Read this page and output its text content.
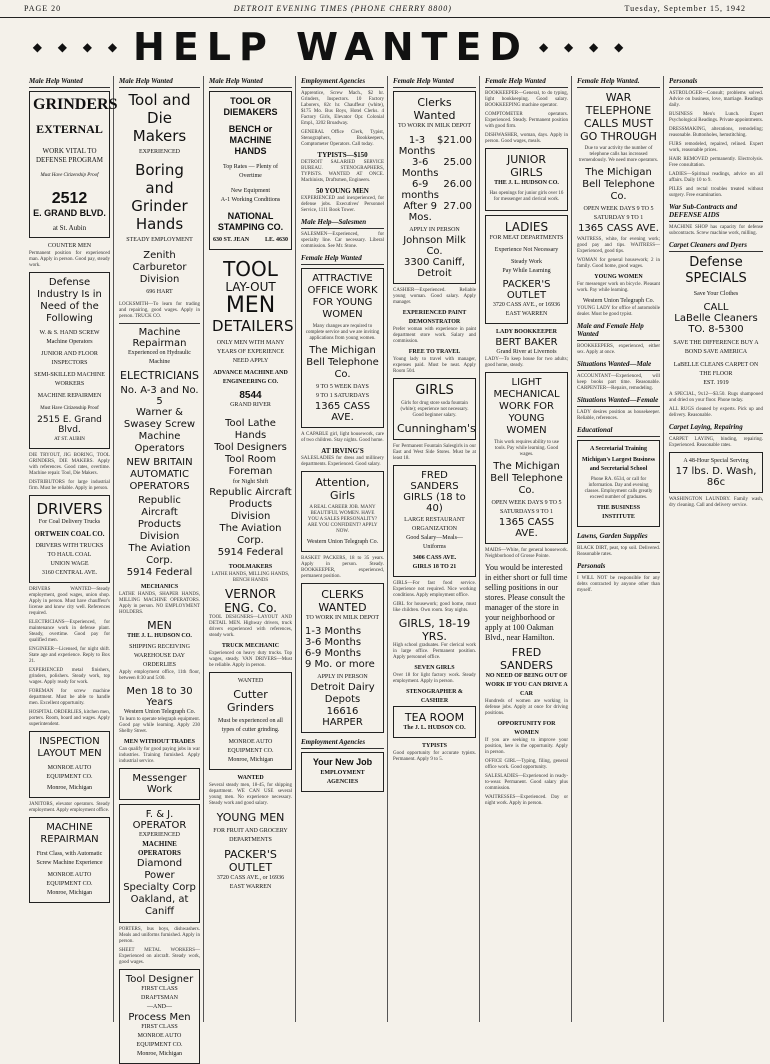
PAGE 20	DETROIT EVENING TIMES (PHONE CHERRY 8800)	Tuesday, September 15, 1942
◆ ◆ ◆ ◆ HELP WANTED ◆ ◆ ◆ ◆
Male Help Wanted
GRINDERS
EXTERNAL
WORK VITAL TO DEFENSE PROGRAM
Must Have Citizenship Proof
2512
E. GRAND BLVD.
at St. Aubin
COUNTER MEN
Permanent position for experienced man. Apply in person. Good pay, steady work.
Defense Industry Is in Need of the Following
W. & S. HAND SCREW Machine Operators
JUNIOR AND FLOOR INSPECTORS
SEMI-SKILLED MACHINE WORKERS
MACHINE REPAIRMEN
Must Have Citizenship Proof
2515 E. Grand Blvd.
AT ST. AUBIN
DIE TRYOUT, JIG BORING, TOOL GRINDERS, DIE MAKERS. Apply with references. Good rates, overtime. Machine repair. Tool, Die Makers.
DISTRIBUTORS for large industrial firm. Must be reliable. Apply in person.
DRIVERS
For Coal Delivery Trucks
ORTWEIN COAL CO.
DRIVERS WITH TRUCKS TO HAUL COAL
UNION WAGE
3160 CENTRAL AVE.
DRIVERS WANTED—Steady employment, good wages, union shop. Apply in person. Must have chauffeur's license and know city well. References required.
ELECTRICIANS—Experienced, for maintenance work in defense plant. Steady, overtime. Good pay for qualified men.
ENGINEER—Licensed, for night shift. State age and experience. Reply to Box 21.
EXPERIENCED metal finishers, grinders, polishers. Steady work, top wages. Apply ready for work.
FOREMAN for screw machine department. Must be able to handle men. Excellent opportunity.
HOSPITAL ORDERLIES, kitchen men, porters. Room, board and wages. Apply superintendent.
INSPECTION LAYOUT MEN
MONROE AUTO EQUIPMENT CO.
Monroe, Michigan
JANITORS, elevator operators. Steady employment. Apply employment office.
MACHINE REPAIRMAN
First Class, with Automatic Screw Machine Experience
MONROE AUTO EQUIPMENT CO.
Monroe, Michigan
Male Help Wanted
Tool and Die Makers
EXPERIENCED
Boring and Grinder Hands
STEADY EMPLOYMENT
Zenith Carburetor Division
696 HART
LOCKSMITH—To learn for trading and repairing, good wages. Apply in person. TRUCK CO.
Machine Repairman
Experienced on Hydraulic Machine
ELECTRICIANS
No. A-3 and No. 5
Warner & Swasey Screw Machine Operators
NEW BRITAIN AUTOMATIC OPERATORS
Republic Aircraft Products Division
The Aviation Corp.
5914 Federal
MECHANICS
LATHE HANDS, SHAPER HANDS, MILLING MACHINE OPERATORS. Apply in person. NO EMPLOYMENT HOLDERS.
MEN
THE J. L. HUDSON CO.
SHIPPING RECEIVING WAREHOUSE DAY ORDERLIES
Apply employment office, 11th floor, between 8:30 and 5:00.
Men 18 to 30 Years
Western Union Telegraph Co.
To learn to operate telegraph equipment. Good pay while learning. Apply 230 Shelby Street.
MEN WITHOUT TRADES
Can qualify for good paying jobs in war industries. Training furnished. Apply industrial service.
Messenger Work
F. & J. OPERATOR
EXPERIENCED
MACHINE OPERATORS
Diamond Power Specialty Corp
Oakland, at Caniff
PORTERS, bus boys, dishwashers. Meals and uniforms furnished. Apply in person.
SHEET METAL WORKERS—Experienced on aircraft. Steady work, good wages.
Tool Designer
FIRST CLASS
DRAFTSMAN
—AND—
Process Men
FIRST CLASS
MONROE AUTO EQUIPMENT CO.
Monroe, Michigan
Male Help Wanted
TOOL OR DIEMAKERS
BENCH or MACHINE HANDS
Top Rates — Plenty of Overtime
New Equipment
A-1 Working Conditions
NATIONAL STAMPING CO.
630 ST. JEAN	LE. 4630
TOOL
LAY-OUT
MEN
DETAILERS
ONLY MEN WITH MANY YEARS OF EXPERIENCE NEED APPLY
ADVANCE MACHINE AND ENGINEERING CO.
8544
GRAND RIVER
Tool Lathe Hands
Tool Designers
Tool Room Foreman
for Night Shift
Republic Aircraft Products Division
The Aviation Corp.
5914 Federal
TOOLMAKERS
LATHE HANDS, MILLING HANDS, BENCH HANDS
VERNOR ENG. Co.
TOOL DESIGNERS—LAYOUT AND DETAIL MEN. Highway drivers, truck drivers experienced with references, steady work.
TRUCK MECHANIC
Experienced on heavy duty trucks. Top wages, steady. VAN DRIVERS—Must be reliable. Apply in person.
WANTED
Cutter Grinders
Must be experienced on all types of cutter grinding.
MONROE AUTO EQUIPMENT CO.
Monroe, Michigan
WANTED
Several steady men, 18-45, for shipping department. WE CAN USE several young men. No experience necessary. Steady work and good salary.
YOUNG MEN
FOR FRUIT AND GROCERY DEPARTMENTS
PACKER'S OUTLET
3720 CASS AVE., or 16936 EAST WARREN
Employment Agencies
Apprentice, Screw Mach., $2 hr. Grinders, Inspectors. 10 Factory Laborers, 82c hr. Chauffeur (white), $175 Mo. Bus Boys, Hotel Clerks. 4 Factory Girls, Elevator Opr. Colonial Empl., 3202 Broadway.
GENERAL Office Clerk, Typist, Stenographers, Bookkeepers, Comptometer Operators. Call today.
TYPISTS—$150
DETROIT SALARIED SERVICE BUREAU. STENOGRAPHERS, TYPISTS. WANTED AT ONCE. Machinists, Draftsmen, Engineers.
50 YOUNG MEN
EXPERIENCED and inexperienced, for defense jobs. Executives' Personnel Service, 1111 Book Tower.
Male Help—Salesmen
SALESMEN—Experienced, for specialty line. Car necessary. Liberal commission. See Mr. Stone.
Female Help Wanted
ATTRACTIVE OFFICE WORK FOR YOUNG WOMEN
Many changes are required to complete service and we are inviting applications from young women.
The Michigan Bell Telephone Co.
9 TO 5 WEEK DAYS
9 TO 1 SATURDAYS
1365 CASS AVE.
A CAPABLE girl, light housework, care of two children. Stay nights. Good home.
AT IRVING'S
SALESLADIES for dress and millinery departments. Experienced. Good salary.
Attention, Girls
A REAL CAREER JOB. MANY BEAUTIFUL WOMEN. HAVE YOU A SALES PERSONALITY? ARE YOU CONFIDENT? APPLY NOW.
Western Union Telegraph Co.
BASKET PACKERS, 18 to 35 years. Apply in person. Steady. BOOKKEEPER, experienced, permanent position.
CLERKS WANTED
TO WORK IN MILK DEPOT
1-3 Months
3-6 Months
6-9 Months
9 Mo. or more
APPLY IN PERSON
Detroit Dairy Depots
16616 HARPER
Employment Agencies
Your New Job
EMPLOYMENT AGENCIES
Female Help Wanted
Clerks Wanted
TO WORK IN MILK DEPOT
1-3 Months
$21.00
3-6 Months
25.00
6-9 months
26.00
After 9 Mos.
27.00
APPLY IN PERSON
Johnson Milk Co.
3300 Caniff, Detroit
CASHIER—Experienced. Reliable young woman. Good salary. Apply manager.
EXPERIENCED PAINT DEMONSTRATOR
Prefer woman with experience in paint department store work. Salary and commission.
FREE TO TRAVEL
Young lady to travel with manager, expenses paid. Must be neat. Apply Room 504.
GIRLS
Girls for drug store soda fountain (white); experience not necessary. Good beginner salary.
Cunningham's
For Permanent Fountain Salesgirls in our East and West Side Stores. Must be at least 18.
FRED SANDERS
GIRLS (18 to 40)
LARGE RESTAURANT ORGANIZATION
Good Salary—Meals—Uniforms
3406 CASS AVE.
GIRLS 18 TO 21
GIRLS—For fast food service. Experience not required. Nice working conditions. Apply employment office.
GIRL for housework; good home, must like children. Own room. Stay nights.
GIRLS, 18-19 YRS.
High school graduates. For clerical work in large office. Permanent position. Apply personnel office.
SEVEN GIRLS
Over 18 for light factory work. Steady employment. Apply in person.
STENOGRAPHER & CASHIER
TEA ROOM
The J. L. HUDSON CO.
TYPISTS
Good opportunity for accurate typists. Permanent. Apply 9 to 5.
Female Help Wanted
BOOKKEEPER—General, to do typing, light bookkeeping. Good salary. BOOKKEEPING machine operator.
COMPTOMETER operators. Experienced. Steady. Permanent position with good firm.
DISHWASHER, woman, days. Apply in person. Good wages, meals.
JUNIOR GIRLS
THE J. L. HUDSON CO.
Has openings for junior girls over 16 for messenger and clerical work.
LADIES
FOR MEAT DEPARTMENTS
Experience Not Necessary
Steady Work
Pay While Learning
PACKER'S OUTLET
3720 CASS AVE., or 16936 EAST WARREN
LADY BOOKKEEPER
BERT BAKER
Grand River at Livernois
LADY—To keep house for two adults; good home, steady.
LIGHT MECHANICAL WORK FOR YOUNG WOMEN
This work requires ability to use tools. Pay while learning. Good wages.
The Michigan Bell Telephone Co.
OPEN WEEK DAYS 9 TO 5
SATURDAYS 9 TO 1
1365 CASS AVE.
MAIDS—White, for general housework. Neighborhood of Grosse Pointe.
You would be interested in either short or full time selling positions in our stores. Please consult the manager of the store in your neighborhood or apply at 100 Oakman Blvd., near Hamilton.
FRED SANDERS
NO NEED OF BEING OUT OF WORK IF YOU CAN DRIVE A CAR
Hundreds of women are working in defense jobs. Apply at once for driving positions.
OPPORTUNITY FOR WOMEN
If you are seeking to improve your position, here is the opportunity. Apply in person.
OFFICE GIRL—Typing, filing, general office work. Good opportunity.
SALESLADIES—Experienced in ready-to-wear. Permanent. Good salary plus commission.
WAITRESSES—Experienced. Day or night work. Apply in person.
Female Help Wanted.
WAR TELEPHONE CALLS MUST GO THROUGH
Due to war activity the number of telephone calls has increased tremendously. We need more operators.
The Michigan Bell Telephone Co.
OPEN WEEK DAYS 9 TO 5
SATURDAY 9 TO 1
1365 CASS AVE.
WAITRESS, white, for evening work; good pay and tips. WAITRESS—Experienced, good tips.
WOMAN for general housework; 2 in family. Good home, good wages.
YOUNG WOMEN
For messenger work on bicycle. Pleasant work. Pay while learning.
Western Union Telegraph Co.
YOUNG LADY for office of automobile dealer. Must be good typist.
Male and Female Help Wanted
BOOKKEEPERS, experienced, either sex. Apply at once.
Situations Wanted—Male
ACCOUNTANT—Experienced, will keep books part time. Reasonable. CARPENTER—Repairs, remodeling.
Situations Wanted—Female
LADY desires position as housekeeper. Reliable, references.
Educational
A Secretarial Training
Michigan's Largest Business and Secretarial School
Phone RA. 6534, or call for information. Day and evening classes. Employment calls greatly exceed number of graduates.
THE BUSINESS INSTITUTE
Lawns, Garden Supplies
BLACK DIRT, peat, top soil. Delivered. Reasonable rates.
Personals
I WILL NOT be responsible for any debts contracted by anyone other than myself.
Personals
ASTROLOGER—Consult; problems solved. Advice on business, love, marriage. Readings daily.
BUSINESS Men's Lunch. Expert Psychological Readings. Private appointments.
DRESSMAKING, alterations, remodeling; reasonable. Buttonholes, hemstitching.
FURS remodeled, repaired, relined. Expert work, reasonable prices.
HAIR REMOVED permanently. Electrolysis. Free consultation.
LADIES—Spiritual readings, advice on all affairs. Daily 10 to 9.
PILES and rectal troubles treated without surgery. Free examination.
War Sub-Contracts and DEFENSE AIDS
MACHINE SHOP has capacity for defense subcontracts. Screw machine work, milling.
Carpet Cleaners and Dyers
Defense SPECIALS
Save Your Clothes
CALL
LaBelle Cleaners
TO. 8-5300
SAVE THE DIFFERENCE BUY A BOND SAVE AMERICA
LaBELLE CLEANS CARPET ON THE FLOOR
EST. 1919
A SPECIAL, 9x12—$3.50. Rugs shampooed and dried on your floor. Phone today.
ALL RUGS cleaned by experts. Pick up and delivery. Reasonable.
Carpet Laying, Repairing
CARPET LAYING, binding, repairing. Experienced. Reasonable rates.
A 48-Hour Special Serving
17 lbs. D. Wash, 86c
WASHINGTON LAUNDRY. Family wash, dry cleaning. Call and delivery service.
